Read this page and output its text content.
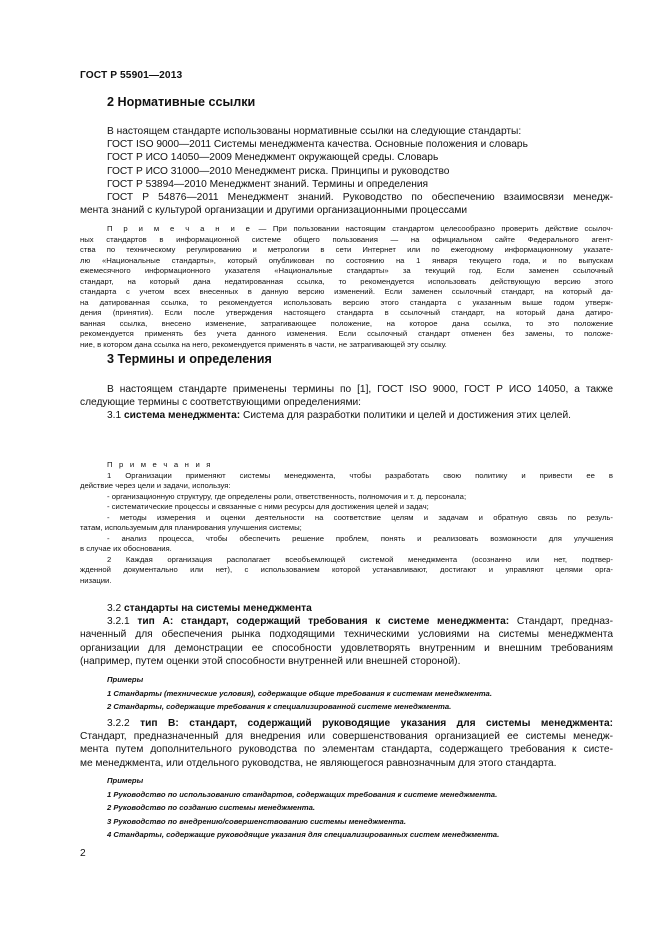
ГОСТ Р 55901—2013
2 Нормативные ссылки
В настоящем стандарте использованы нормативные ссылки на следующие стандарты:
ГОСТ ISO 9000—2011 Системы менеджмента качества. Основные положения и словарь
ГОСТ Р ИСО 14050—2009 Менеджмент окружающей среды. Словарь
ГОСТ Р ИСО 31000—2010 Менеджмент риска. Принципы и руководство
ГОСТ Р 53894—2010 Менеджмент знаний. Термины и определения
ГОСТ Р 54876—2011 Менеджмент знаний. Руководство по обеспечению взаимосвязи менедж-
мента знаний с культурой организации и другими организационными процессами
П р и м е ч а н и е — При пользовании настоящим стандартом целесообразно проверить действие ссылоч-
ных стандартов в информационной системе общего пользования — на официальном сайте Федерального агент-
ства по техническому регулированию и метрологии в сети Интернет или по ежегодному информационному указате-
лю «Национальные стандарты», который опубликован по состоянию на 1 января текущего года, и по выпускам
ежемесячного информационного указателя «Национальные стандарты» за текущий год. Если заменен ссылочный
стандарт, на который дана недатированная ссылка, то рекомендуется использовать действующую версию этого
стандарта с учетом всех внесенных в данную версию изменений. Если заменен ссылочный стандарт, на который да-
на датированная ссылка, то рекомендуется использовать версию этого стандарта с указанным выше годом утверж-
дения (принятия). Если после утверждения настоящего стандарта в ссылочный стандарт, на который дана датиро-
ванная ссылка, внесено изменение, затрагивающее положение, на которое дана ссылка, то это положение
рекомендуется применять без учета данного изменения. Если ссылочный стандарт отменен без замены, то положе-
ние, в котором дана ссылка на него, рекомендуется применять в части, не затрагивающей эту ссылку.
3 Термины и определения
В настоящем стандарте применены термины по [1], ГОСТ ISO 9000, ГОСТ Р ИСО 14050, а также
следующие термины с соответствующими определениями:
3.1 система менеджмента: Система для разработки политики и целей и достижения этих целей.
П р и м е ч а н и я
1 Организации применяют системы менеджмента, чтобы разработать свою политику и привести ее в
действие через цели и задачи, используя:
- организационную структуру, где определены роли, ответственность, полномочия и т. д. персонала;
- систематические процессы и связанные с ними ресурсы для достижения целей и задач;
- методы измерения и оценки деятельности на соответствие целям и задачам и обратную связь по резуль-
татам, используемым для планирования улучшения системы;
- анализ процесса, чтобы обеспечить решение проблем, понять и реализовать возможности для улучшения
в случае их обоснования.
2 Каждая организация располагает всеобъемлющей системой менеджмента (осознанно или нет, подтвер-
жденной документально или нет), с использованием которой устанавливают, достигают и управляют целями орга-
низации.
3.2 стандарты на системы менеджмента
3.2.1 тип А: стандарт, содержащий требования к системе менеджмента: Стандарт, предназ-
наченный для обеспечения рынка подходящими техническими условиями на системы менеджмента
организации для демонстрации ее способности удовлетворять внутренним и внешним требованиям
(например, путем оценки этой способности внутренней или внешней стороной).
Примеры
1 Стандарты (технические условия), содержащие общие требования к системам менеджмента.
2 Стандарты, содержащие требования к специализированной системе менеджмента.
3.2.2 тип В: стандарт, содержащий руководящие указания для системы менеджмента:
Стандарт, предназначенный для внедрения или совершенствования организацией ее системы менедж-
мента путем дополнительного руководства по элементам стандарта, содержащего требования к систе-
ме менеджмента, или отдельного руководства, не являющегося равнозначным для этого стандарта.
Примеры
1 Руководство по использованию стандартов, содержащих требования к системе менеджмента.
2 Руководство по созданию системы менеджмента.
3 Руководство по внедрению/совершенствованию системы менеджмента.
4 Стандарты, содержащие руководящие указания для специализированных систем менеджмента.
2
